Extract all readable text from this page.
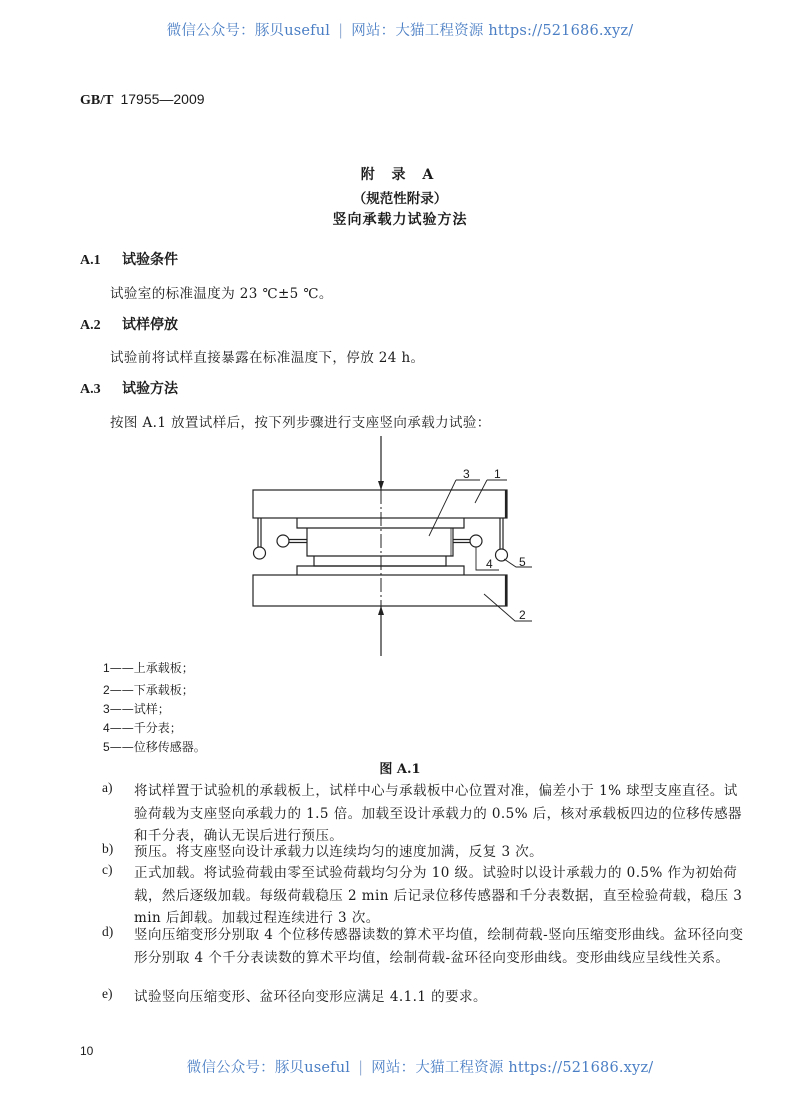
微信公众号：豚贝useful | 网站：大猫工程资源 https://521686.xyz/
GB/T 17955—2009
附 录 A
（规范性附录）
竖向承载力试验方法
A.1 试验条件
试验室的标准温度为 23 ℃±5 ℃。
A.2 试样停放
试验前将试样直接暴露在标准温度下，停放 24 h。
A.3 试验方法
按图 A.1 放置试样后，按下列步骤进行支座竖向承载力试验：
3 1
5
4
2
1——上承载板；
2——下承载板；
3——试样；
4——千分表；
5——位移传感器。
图 A.1
a) 将试样置于试验机的承载板上，试样中心与承载板中心位置对准，偏差小于 1% 球型支座直径。试验荷载为支座竖向承载力的 1.5 倍。加载至设计承载力的 0.5% 后，核对承载板四边的位移传感器和千分表，确认无误后进行预压。
b) 预压。将支座竖向设计承载力以连续均匀的速度加满，反复 3 次。
c) 正式加载。将试验荷载由零至试验荷载均匀分为 10 级。试验时以设计承载力的 0.5% 作为初始荷载，然后逐级加载。每级荷载稳压 2 min 后记录位移传感器和千分表数据，直至检验荷载，稳压 3 min 后卸载。加载过程连续进行 3 次。
d) 竖向压缩变形分别取 4 个位移传感器读数的算术平均值，绘制荷载-竖向压缩变形曲线。盆环径向变形分别取 4 个千分表读数的算术平均值，绘制荷载-盆环径向变形曲线。变形曲线应呈线性关系。
e) 试验竖向压缩变形、盆环径向变形应满足 4.1.1 的要求。
10
微信公众号：豚贝useful | 网站：大猫工程资源 https://521686.xyz/
